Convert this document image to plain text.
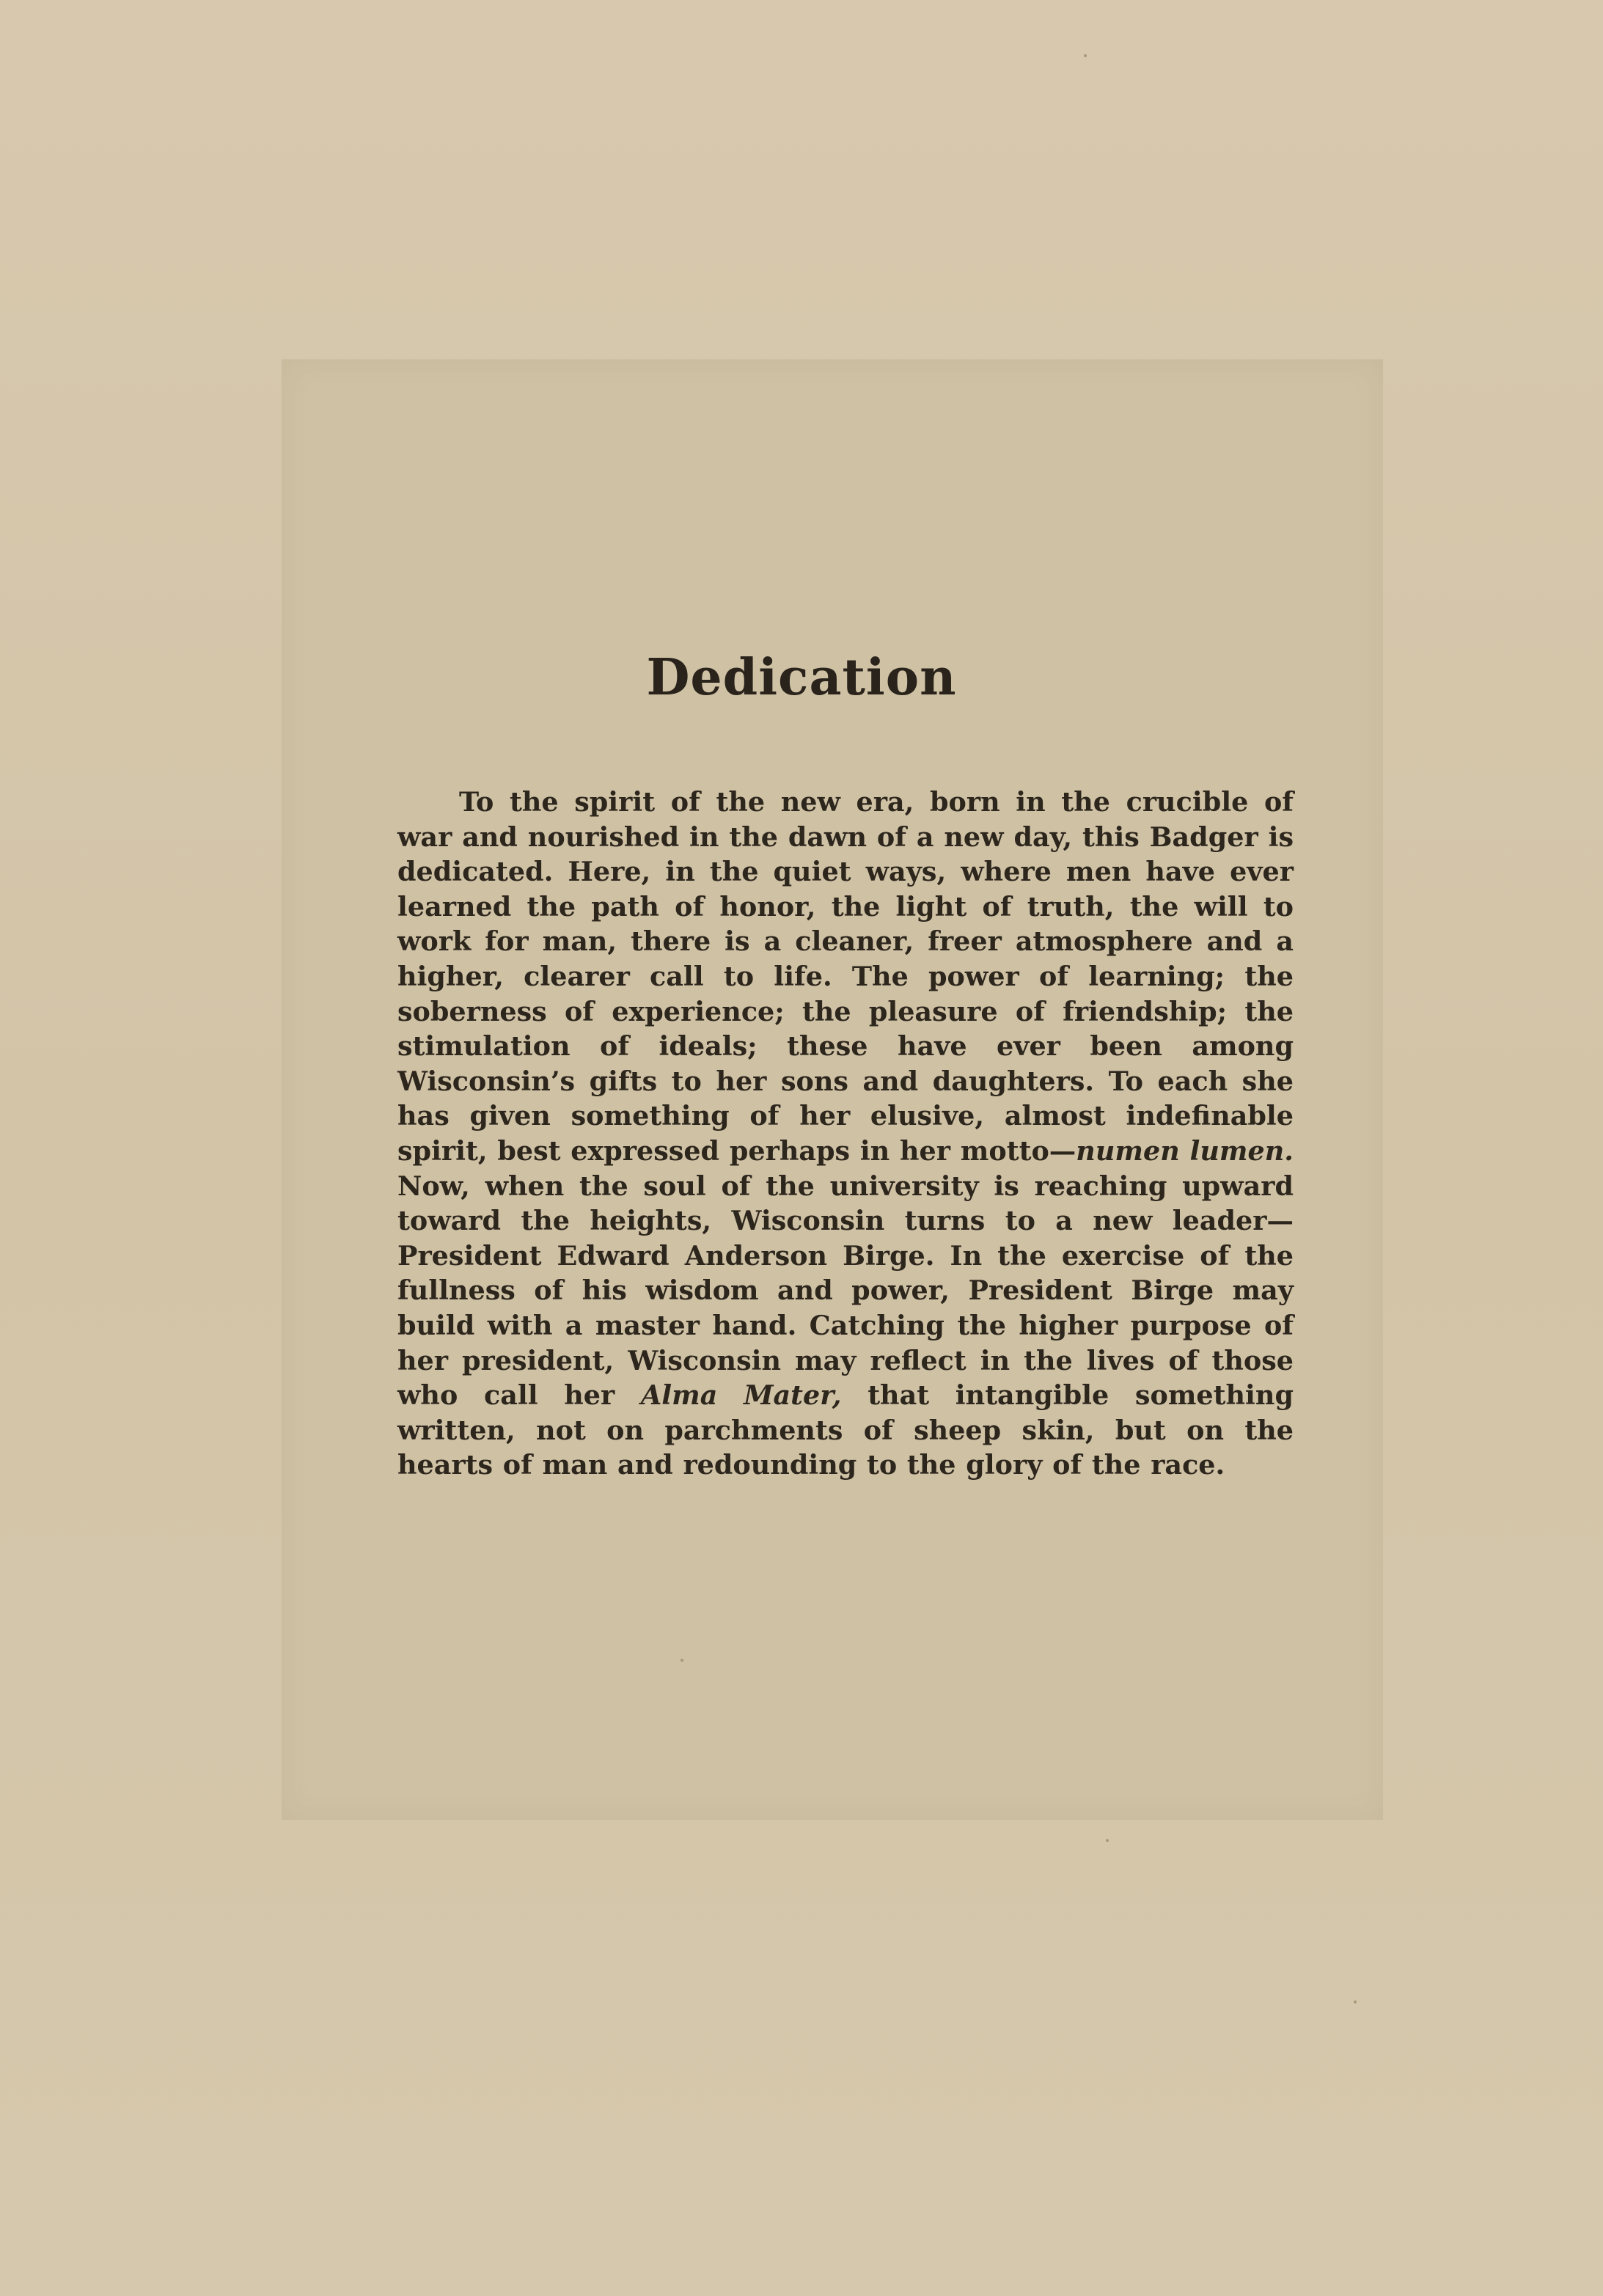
Dedication

To the spirit of the new era, born in the crucible of war and nourished in the dawn of a new day, this Badger is dedicated. Here, in the quiet ways, where men have ever learned the path of honor, the light of truth, the will to work for man, there is a cleaner, freer atmosphere and a higher, clearer call to life. The power of learning; the soberness of experience; the pleasure of friendship; the stimulation of ideals; these have ever been among Wisconsin’s gifts to her sons and daughters. To each she has given something of her elusive, almost indefinable spirit, best expressed perhaps in her motto—numen lumen. Now, when the soul of the university is reaching upward toward the heights, Wisconsin turns to a new leader—President Edward Anderson Birge. In the exercise of the fullness of his wisdom and power, President Birge may build with a master hand. Catching the higher purpose of her president, Wisconsin may reflect in the lives of those who call her Alma Mater, that intangible something written, not on parchments of sheep skin, but on the hearts of man and redounding to the glory of the race.
